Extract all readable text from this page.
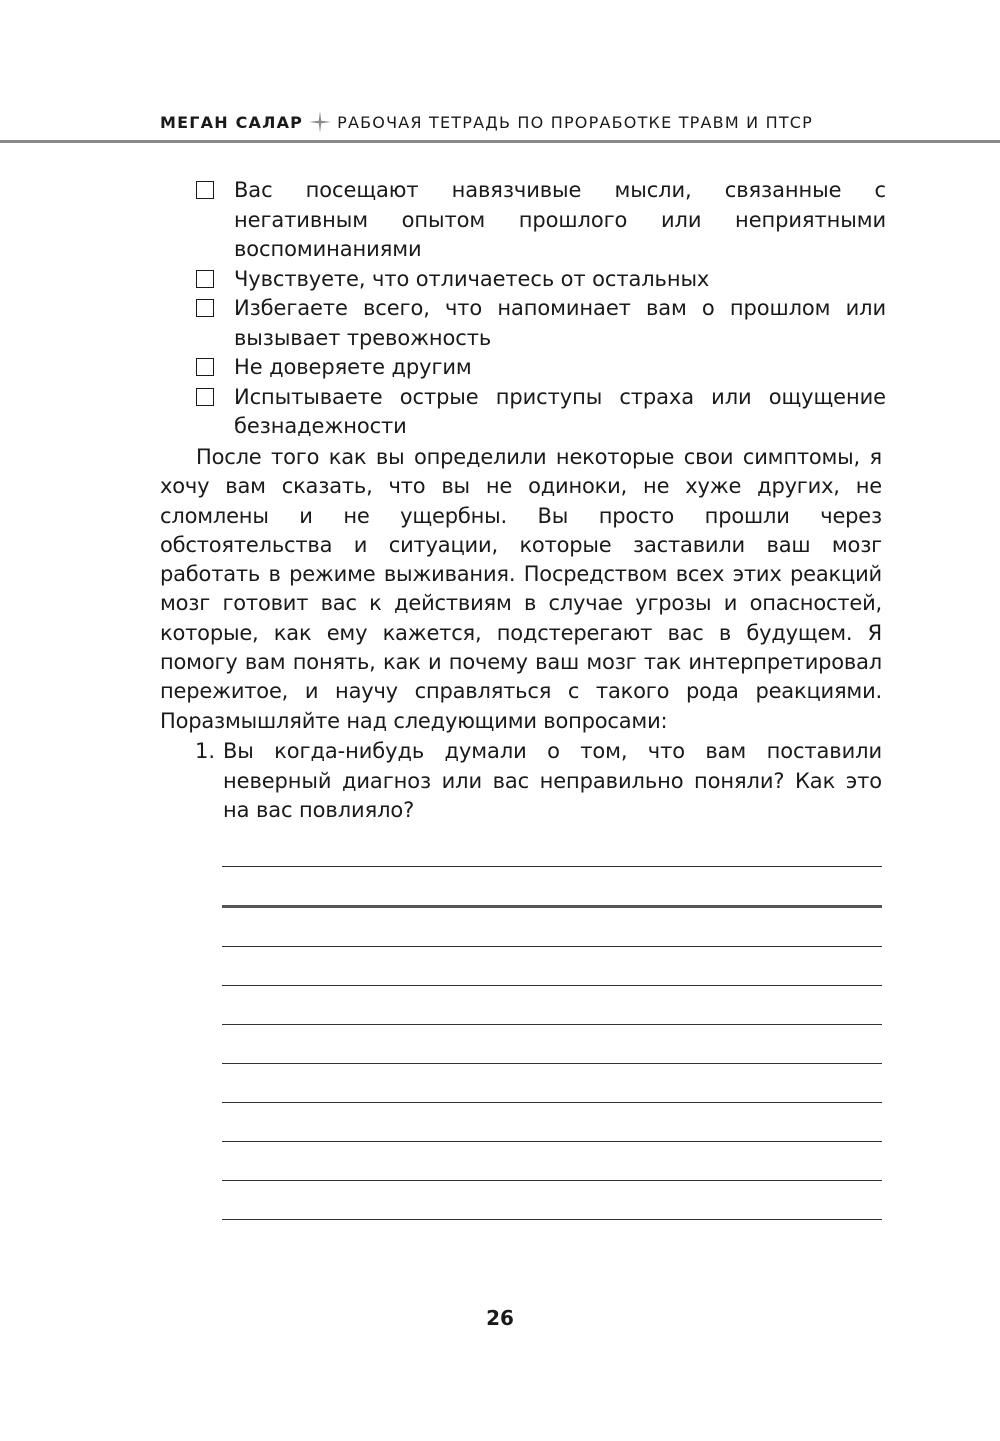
МЕГАН САЛАР РАБОЧАЯ ТЕТРАДЬ ПО ПРОРАБОТКЕ ТРАВМ И ПТСР
Вас посещают навязчивые мысли, связанные с негативным опытом прошлого или неприятными воспоминаниями
Чувствуете, что отличаетесь от остальных
Избегаете всего, что напоминает вам о прошлом или вызывает тревожность
Не доверяете другим
Испытываете острые приступы страха или ощущение безнадежности

После того как вы определили некоторые свои симптомы, я хочу вам сказать, что вы не одиноки, не хуже других, не сломлены и не ущербны. Вы просто прошли через обстоятельства и ситуации, которые заставили ваш мозг работать в режиме выживания. Посредством всех этих реакций мозг готовит вас к действиям в случае угрозы и опасностей, которые, как ему кажется, подстерегают вас в будущем. Я помогу вам понять, как и почему ваш мозг так интерпретировал пережитое, и научу справляться с такого рода реакциями. Поразмышляйте над следующими вопросами:

1. Вы когда-нибудь думали о том, что вам поставили неверный диагноз или вас неправильно поняли? Как это на вас повлияло?
26
